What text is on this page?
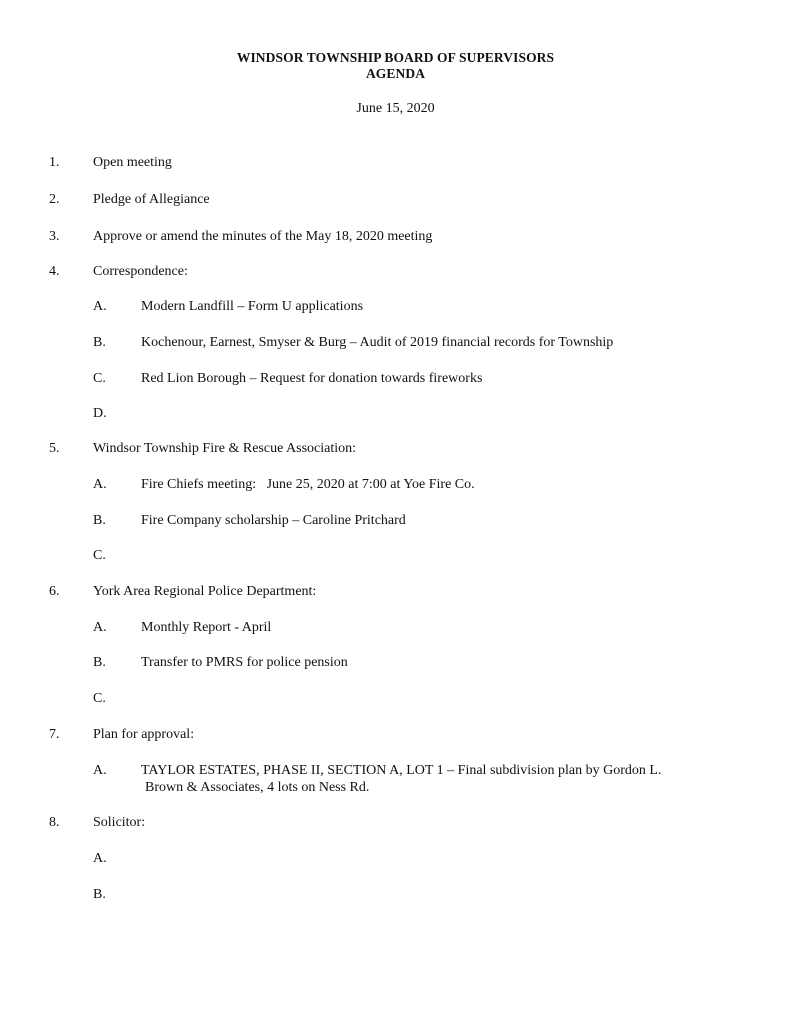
WINDSOR TOWNSHIP BOARD OF SUPERVISORS
AGENDA
June 15, 2020
1. Open meeting
2. Pledge of Allegiance
3. Approve or amend the minutes of the May 18, 2020 meeting
4. Correspondence:
A. Modern Landfill – Form U applications
B.	Kochenour, Earnest, Smyser & Burg – Audit of 2019 financial records for Township
C.	Red Lion Borough – Request for donation towards fireworks
D.
5. Windsor Township Fire & Rescue Association:
A. Fire Chiefs meeting:   June 25, 2020 at 7:00 at Yoe Fire Co.
B.	Fire Company scholarship – Caroline Pritchard
C.
6. York Area Regional Police Department:
A. Monthly Report - April
B.	Transfer to PMRS for police pension
C.
7. Plan for approval:
A. TAYLOR ESTATES, PHASE II, SECTION A, LOT 1 – Final subdivision plan by Gordon L.
Brown & Associates, 4 lots on Ness Rd.
8. Solicitor:
A.
B.
